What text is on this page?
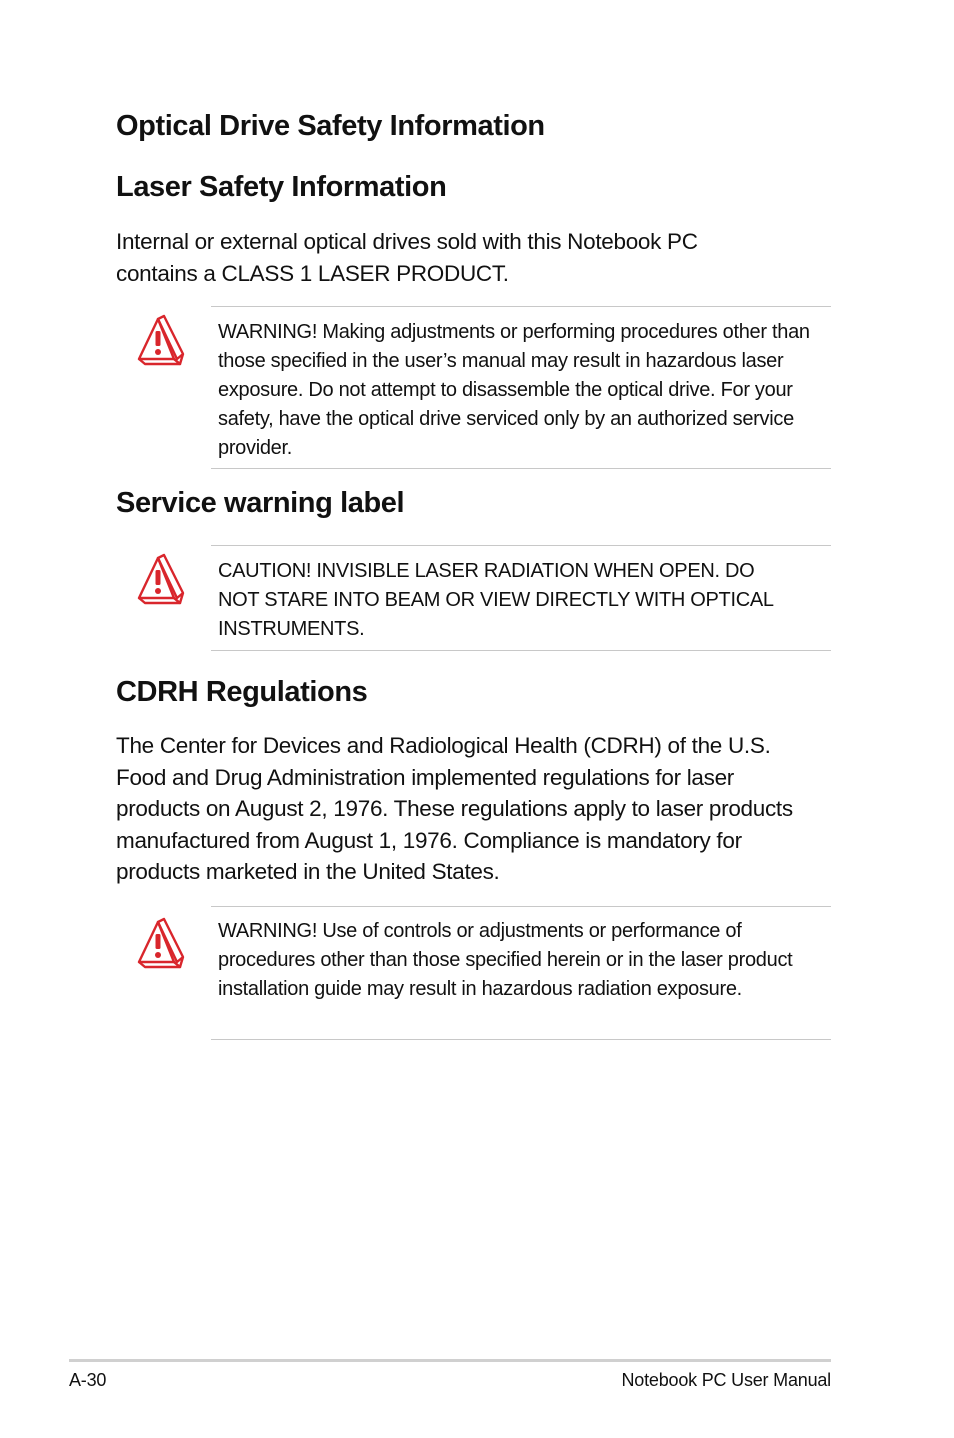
Optical Drive Safety Information
Laser Safety Information

Internal or external optical drives sold with this Notebook PC contains a CLASS 1 LASER PRODUCT.

WARNING! Making adjustments or performing procedures other than those specified in the user’s manual may result in hazardous laser exposure. Do not attempt to disassemble the optical drive. For your safety, have the optical drive serviced only by an authorized service provider.

Service warning label

CAUTION! INVISIBLE LASER RADIATION WHEN OPEN. DO NOT STARE INTO BEAM OR VIEW DIRECTLY WITH OPTICAL INSTRUMENTS.

CDRH Regulations

The Center for Devices and Radiological Health (CDRH) of the U.S. Food and Drug Administration implemented regulations for laser products on August 2, 1976. These regulations apply to laser products manufactured from August 1, 1976. Compliance is mandatory for products marketed in the United States.

WARNING! Use of controls or adjustments or performance of procedures other than those specified herein or in the laser product installation guide may result in hazardous radiation exposure.

A-30	Notebook PC User Manual
